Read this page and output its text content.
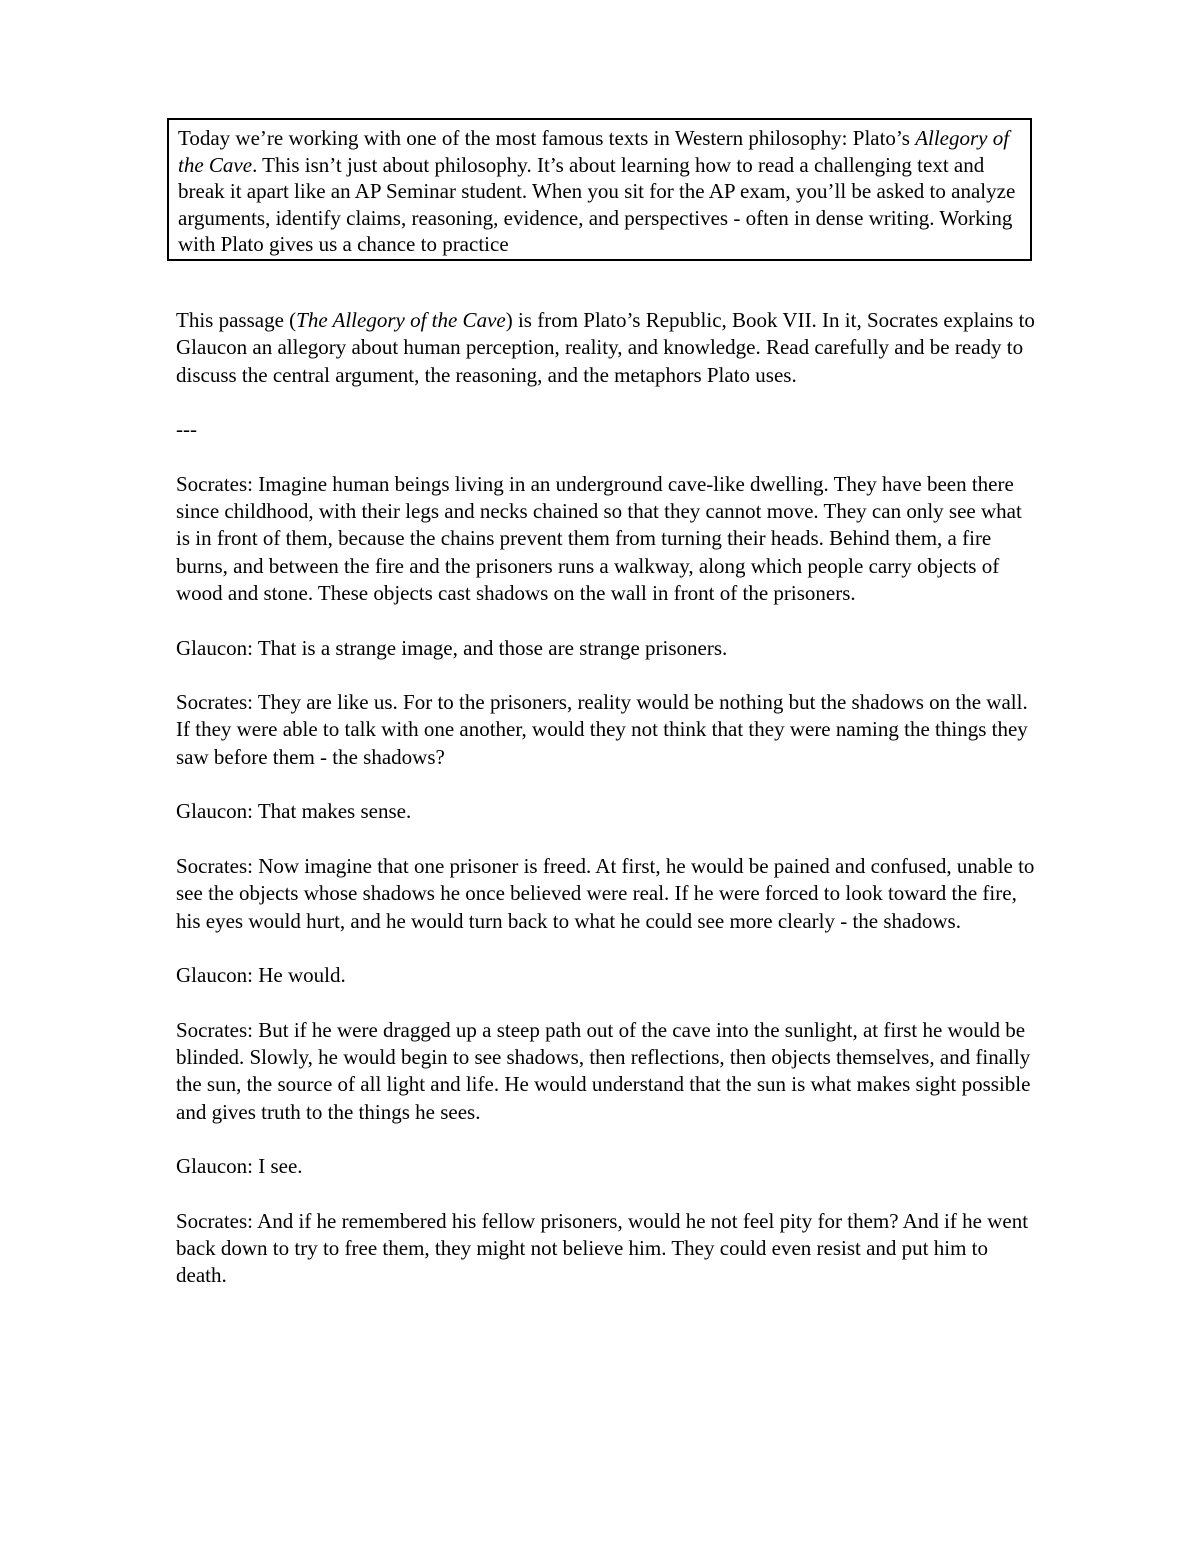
Today we’re working with one of the most famous texts in Western philosophy: Plato’s Allegory of the Cave. This isn’t just about philosophy. It’s about learning how to read a challenging text and break it apart like an AP Seminar student. When you sit for the AP exam, you’ll be asked to analyze arguments, identify claims, reasoning, evidence, and perspectives - often in dense writing. Working with Plato gives us a chance to practice

This passage (The Allegory of the Cave) is from Plato’s Republic, Book VII. In it, Socrates explains to Glaucon an allegory about human perception, reality, and knowledge. Read carefully and be ready to discuss the central argument, the reasoning, and the metaphors Plato uses.

---

Socrates: Imagine human beings living in an underground cave-like dwelling. They have been there since childhood, with their legs and necks chained so that they cannot move. They can only see what is in front of them, because the chains prevent them from turning their heads. Behind them, a fire burns, and between the fire and the prisoners runs a walkway, along which people carry objects of wood and stone. These objects cast shadows on the wall in front of the prisoners.

Glaucon: That is a strange image, and those are strange prisoners.

Socrates: They are like us. For to the prisoners, reality would be nothing but the shadows on the wall. If they were able to talk with one another, would they not think that they were naming the things they saw before them - the shadows?

Glaucon: That makes sense.

Socrates: Now imagine that one prisoner is freed. At first, he would be pained and confused, unable to see the objects whose shadows he once believed were real. If he were forced to look toward the fire, his eyes would hurt, and he would turn back to what he could see more clearly - the shadows.

Glaucon: He would.

Socrates: But if he were dragged up a steep path out of the cave into the sunlight, at first he would be blinded. Slowly, he would begin to see shadows, then reflections, then objects themselves, and finally the sun, the source of all light and life. He would understand that the sun is what makes sight possible and gives truth to the things he sees.

Glaucon: I see.

Socrates: And if he remembered his fellow prisoners, would he not feel pity for them? And if he went back down to try to free them, they might not believe him. They could even resist and put him to death.
